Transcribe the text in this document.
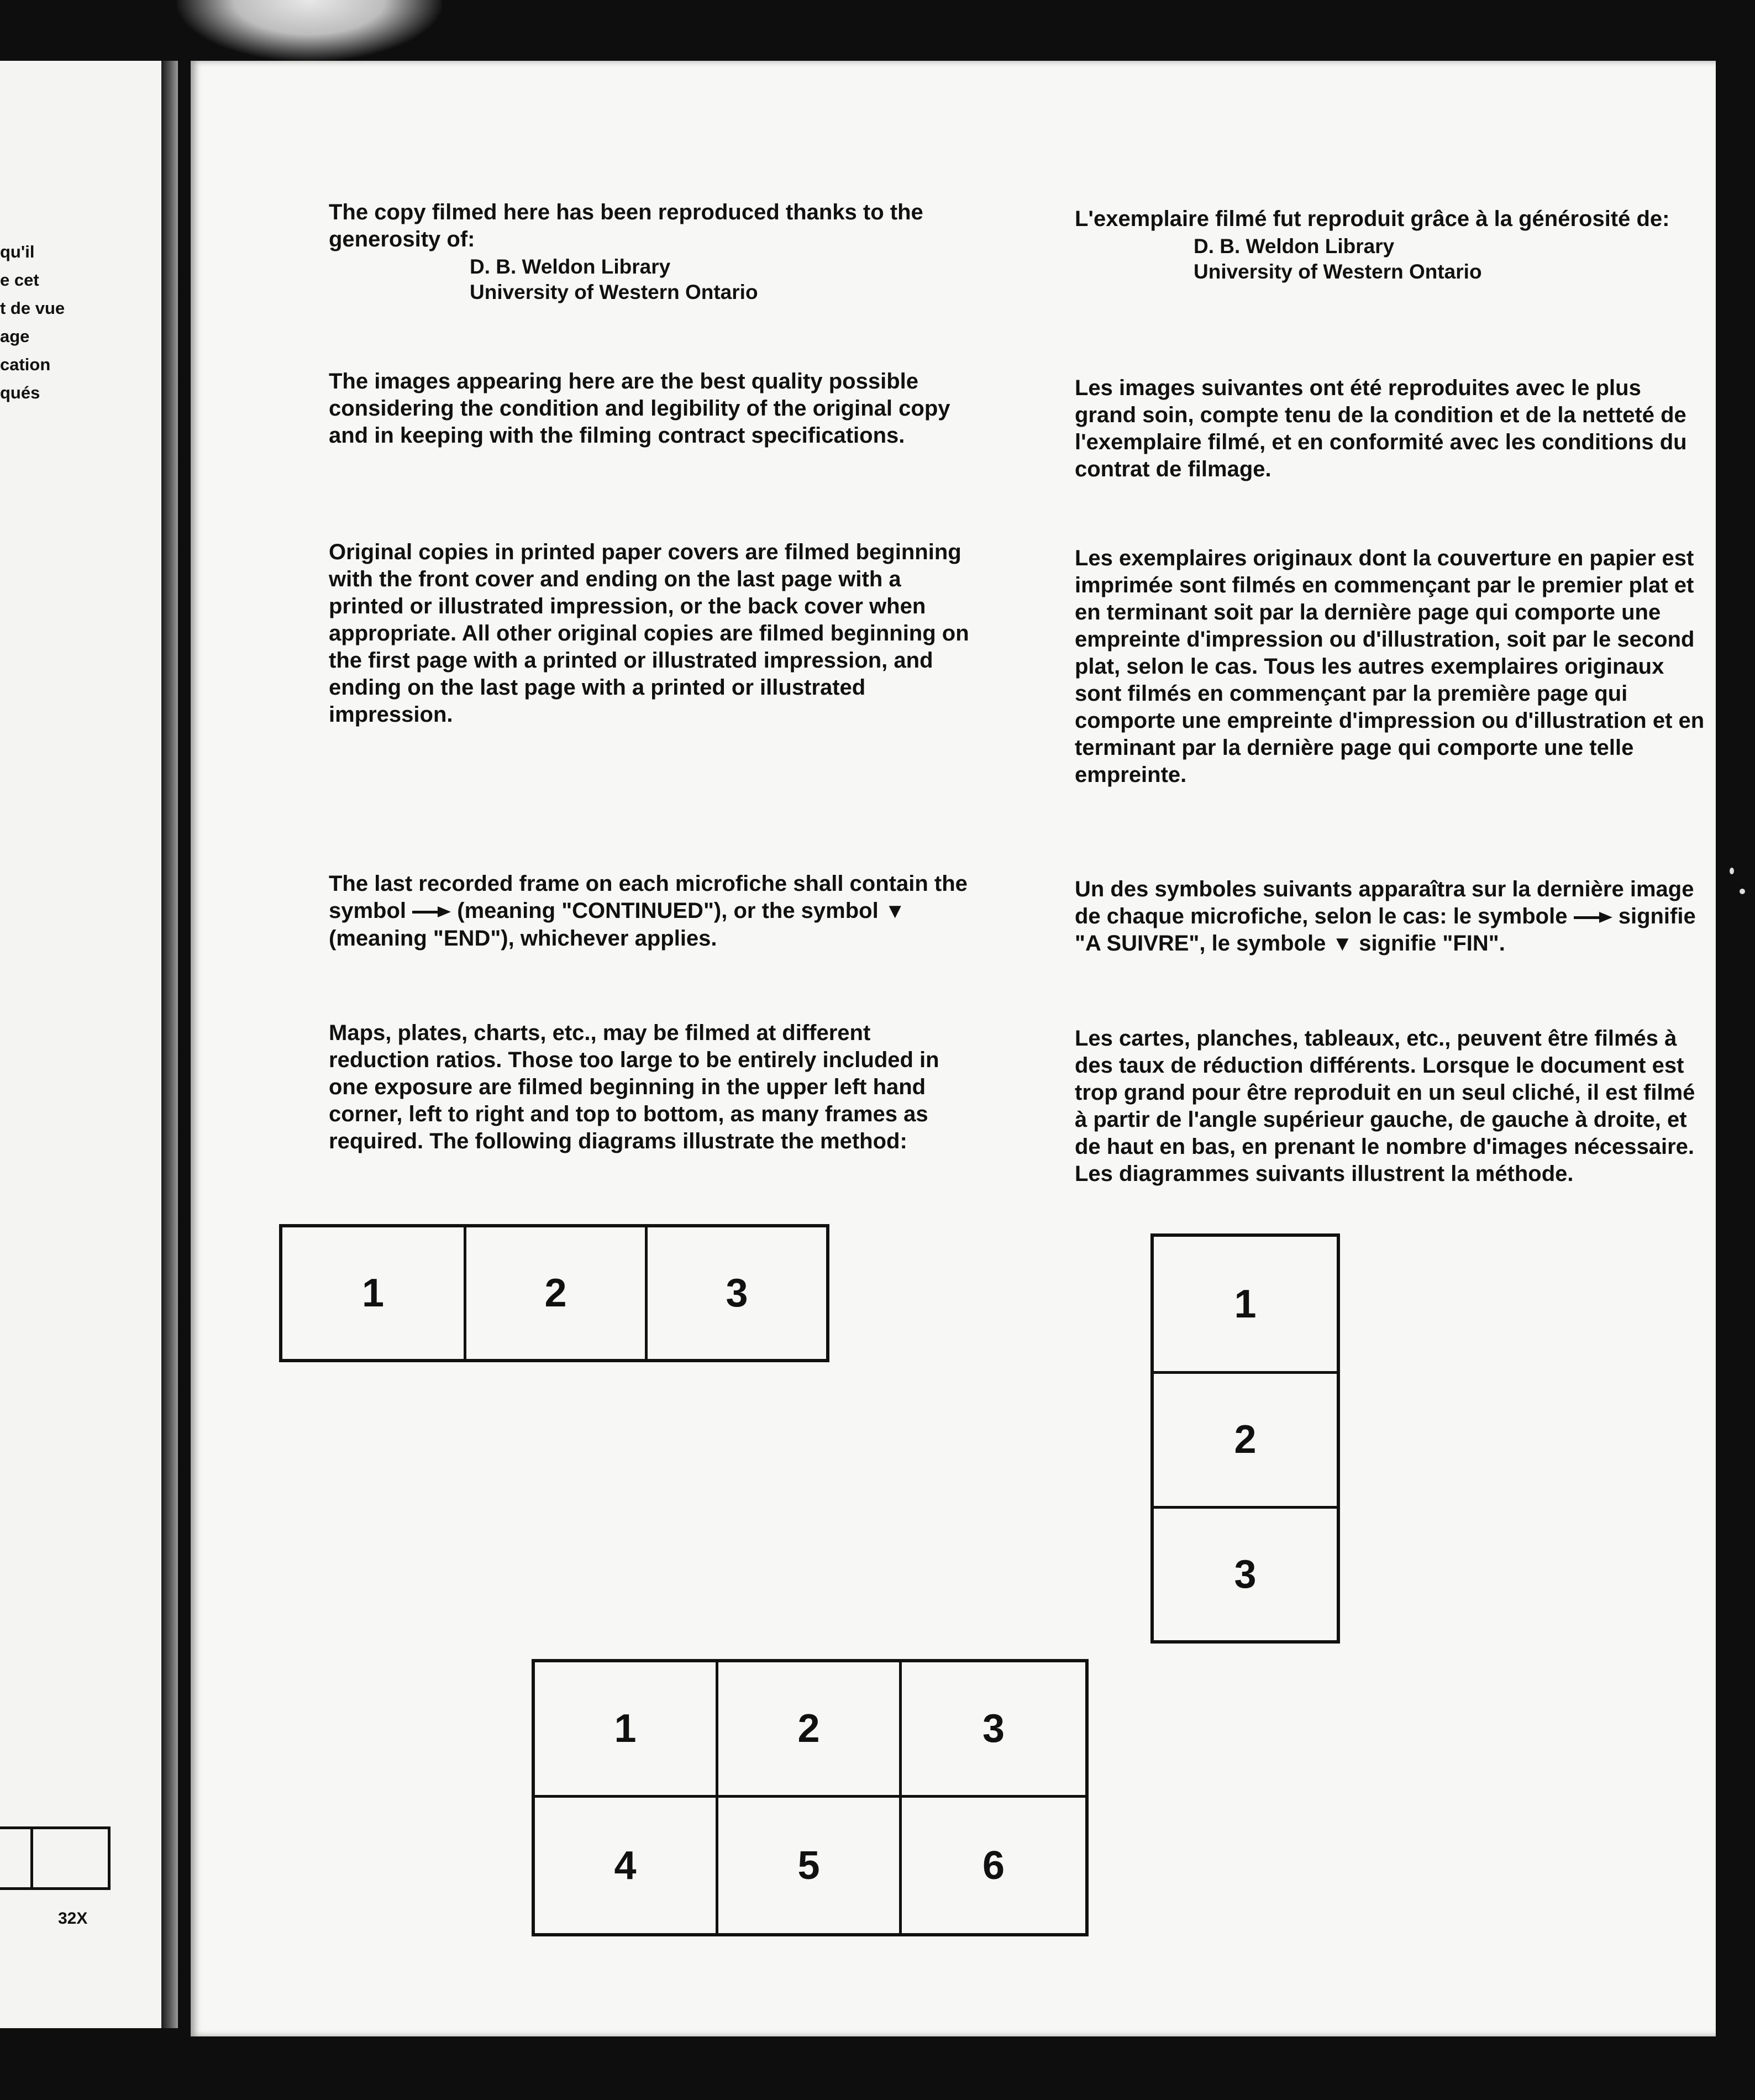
qu'il
e cet
t de vue
age
cation
qués
32X

The copy filmed here has been reproduced thanks to the generosity of:

D. B. Weldon Library

University of Western Ontario

The images appearing here are the best quality possible considering the condition and legibility of the original copy and in keeping with the filming contract specifications.
Original copies in printed paper covers are filmed beginning with the front cover and ending on the last page with a printed or illustrated impression, or the back cover when appropriate. All other original copies are filmed beginning on the first page with a printed or illustrated impression, and ending on the last page with a printed or illustrated impression.
The last recorded frame on each microfiche shall contain the symbol (meaning "CONTINUED"), or the symbol ▼ (meaning "END"), whichever applies.
Maps, plates, charts, etc., may be filmed at different reduction ratios. Those too large to be entirely included in one exposure are filmed beginning in the upper left hand corner, left to right and top to bottom, as many frames as required. The following diagrams illustrate the method:

L'exemplaire filmé fut reproduit grâce à la générosité de:

D. B. Weldon Library

University of Western Ontario

Les images suivantes ont été reproduites avec le plus grand soin, compte tenu de la condition et de la netteté de l'exemplaire filmé, et en conformité avec les conditions du contrat de filmage.
Les exemplaires originaux dont la couverture en papier est imprimée sont filmés en commençant par le premier plat et en terminant soit par la dernière page qui comporte une empreinte d'impression ou d'illustration, soit par le second plat, selon le cas. Tous les autres exemplaires originaux sont filmés en commençant par la première page qui comporte une empreinte d'impression ou d'illustration et en terminant par la dernière page qui comporte une telle empreinte.
Un des symboles suivants apparaîtra sur la dernière image de chaque microfiche, selon le cas: le symbole signifie "A SUIVRE", le symbole ▼ signifie "FIN".
Les cartes, planches, tableaux, etc., peuvent être filmés à des taux de réduction différents. Lorsque le document est trop grand pour être reproduit en un seul cliché, il est filmé à partir de l'angle supérieur gauche, de gauche à droite, et de haut en bas, en prenant le nombre d'images nécessaire. Les diagrammes suivants illustrent la méthode.
1	2	3	1
2
3
1	2	3
4	5	6
